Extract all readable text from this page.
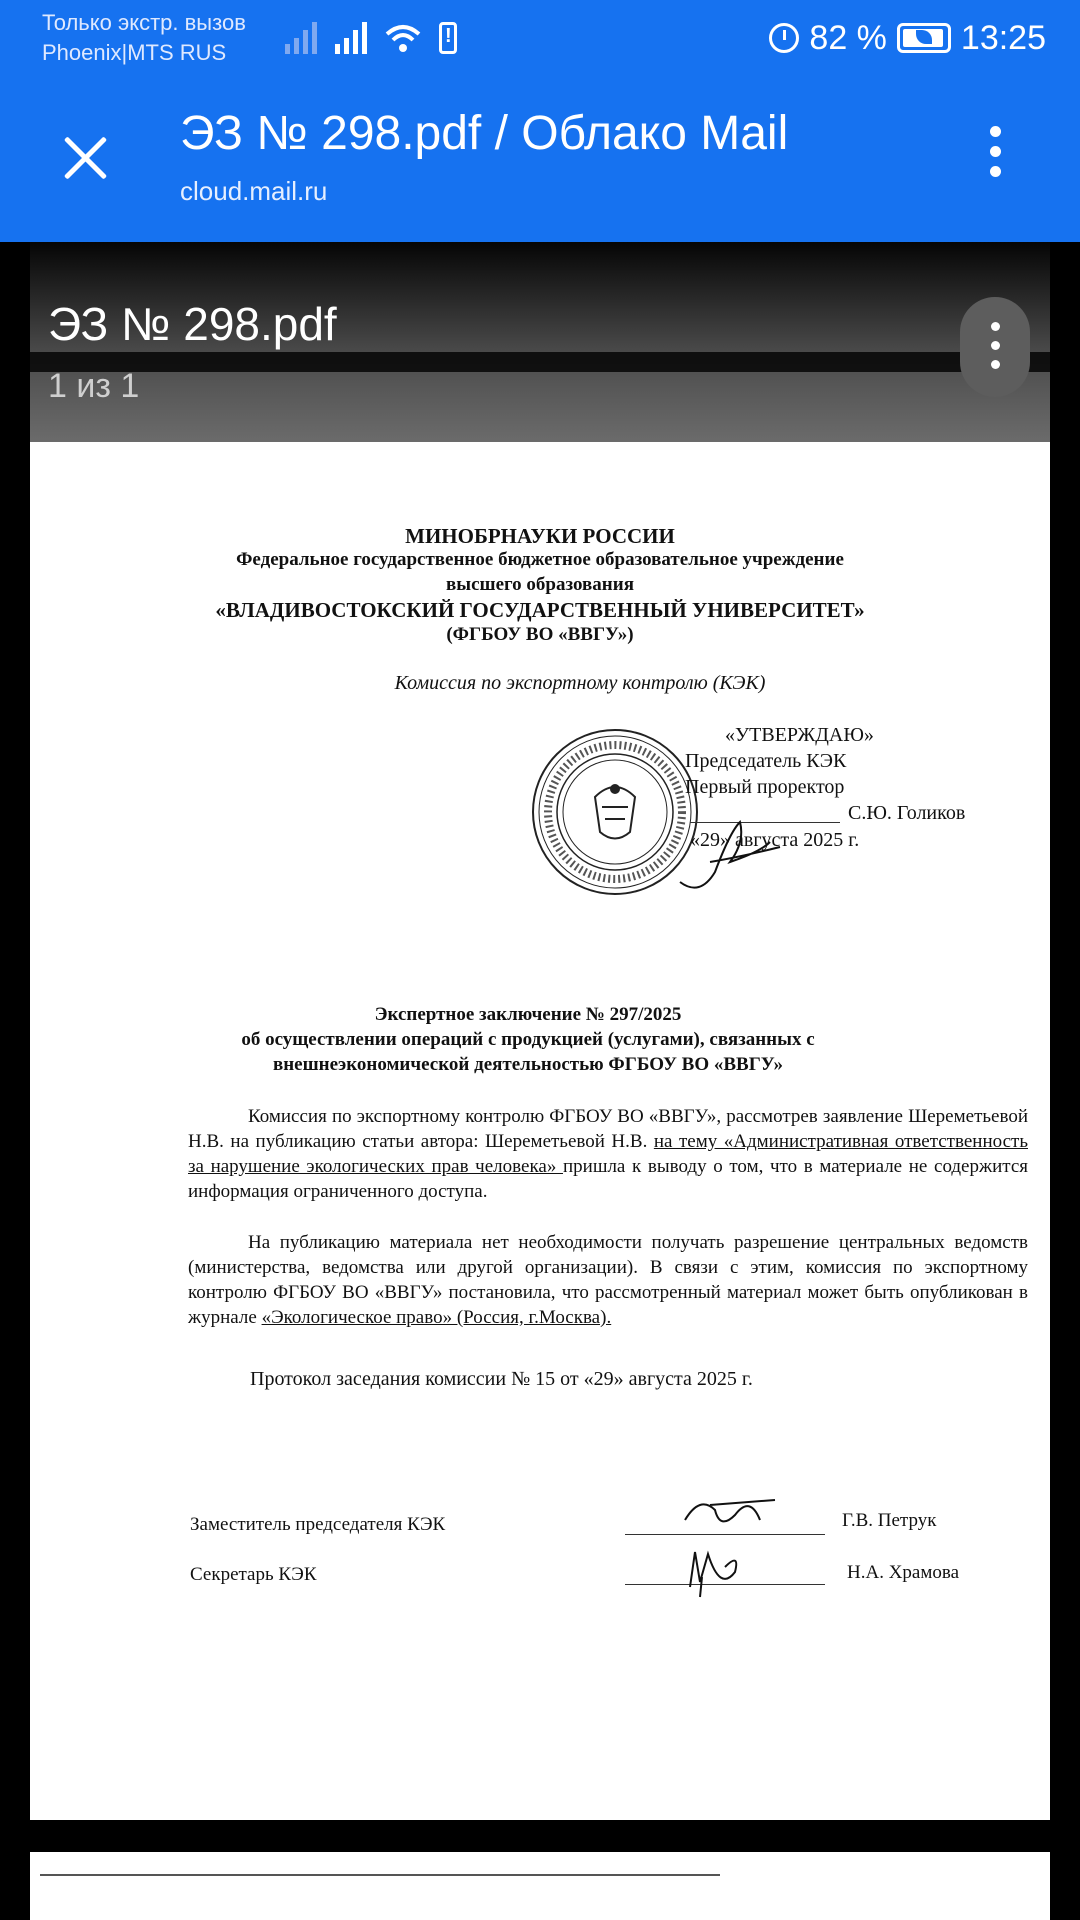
Только экстр. вызов
Phoenix|MTS RUS
!	82 % 13:25
ЭЗ № 298.pdf / Облако Mail
cloud.mail.ru
ЭЗ № 298.pdf
1 из 1
МИНОБРНАУКИ РОССИИ
Федеральное государственное бюджетное образовательное учреждение
высшего образования
«ВЛАДИВОСТОКСКИЙ ГОСУДАРСТВЕННЫЙ УНИВЕРСИТЕТ»
(ФГБОУ ВО «ВВГУ»)
Комиссия по экспортному контролю (КЭК)
«УТВЕРЖДАЮ»
Председатель КЭК
Первый проректор
С.Ю. Голиков
«29» августа 2025 г.
Экспертное заключение № 297/2025
об осуществлении операций с продукцией (услугами), связанных с
внешнеэкономической деятельностью ФГБОУ ВО «ВВГУ»
Комиссия по экспортному контролю ФГБОУ ВО «ВВГУ», рассмотрев заявление Шереметьевой Н.В. на публикацию статьи автора: Шереметьевой Н.В. на тему «Административная ответственность за нарушение экологических прав человека» пришла к выводу о том, что в материале не содержится информация ограниченного доступа.
На публикацию материала нет необходимости получать разрешение центральных ведомств (министерства, ведомства или другой организации). В связи с этим, комиссия по экспортному контролю ФГБОУ ВО «ВВГУ» постановила, что рассмотренный материал может быть опубликован в журнале «Экологическое право» (Россия, г.Москва).
Протокол заседания комиссии № 15 от «29» августа 2025 г.
Заместитель председателя КЭК	Г.В. Петрук
Секретарь КЭК	Н.А. Храмова
